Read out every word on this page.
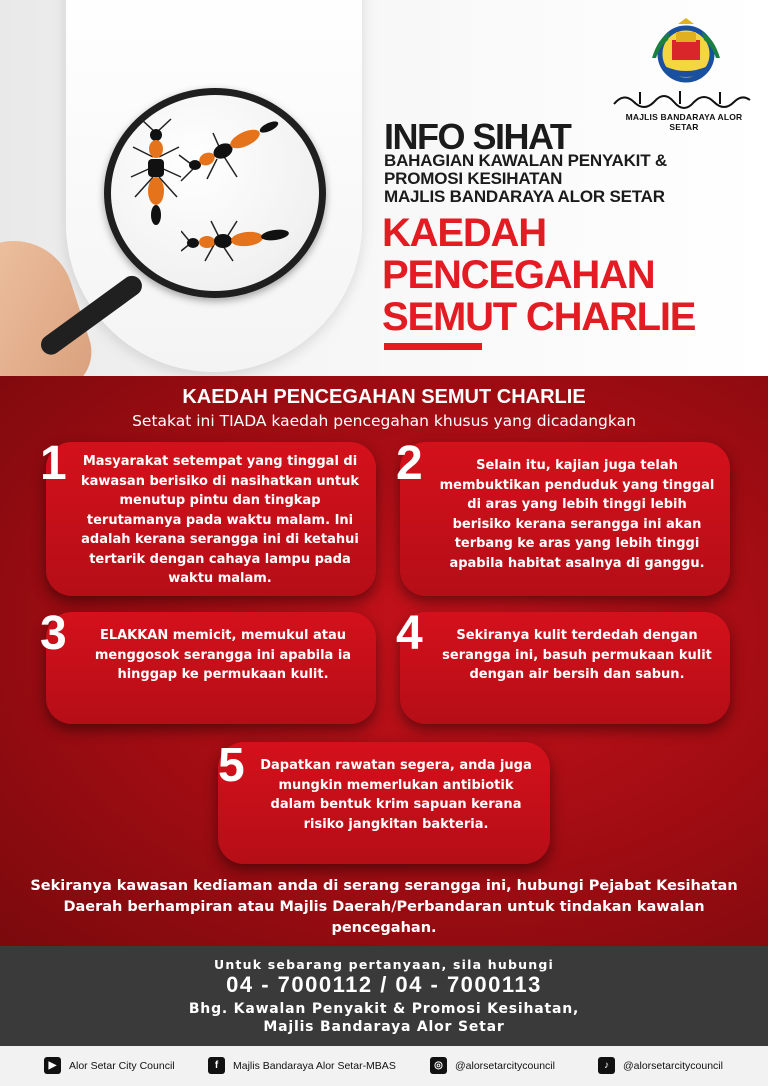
MAJLIS BANDARAYA ALOR SETAR
INFO SIHAT
BAHAGIAN KAWALAN PENYAKIT &
PROMOSI KESIHATAN
MAJLIS BANDARAYA ALOR SETAR
KAEDAH
PENCEGAHAN
SEMUT CHARLIE
KAEDAH PENCEGAHAN SEMUT CHARLIE
Setakat ini TIADA kaedah pencegahan khusus yang dicadangkan
1	Masyarakat setempat yang tinggal di kawasan berisiko di nasihatkan untuk menutup pintu dan tingkap terutamanya pada waktu malam. Ini adalah kerana serangga ini di ketahui tertarik dengan cahaya lampu pada waktu malam.
2	Selain itu, kajian juga telah membuktikan penduduk yang tinggal di aras yang lebih tinggi lebih berisiko kerana serangga ini akan terbang ke aras yang lebih tinggi apabila habitat asalnya di ganggu.
3	ELAKKAN memicit, memukul atau menggosok serangga ini apabila ia hinggap ke permukaan kulit.
4	Sekiranya kulit terdedah dengan serangga ini, basuh permukaan kulit dengan air bersih dan sabun.
5	Dapatkan rawatan segera, anda juga mungkin memerlukan antibiotik dalam bentuk krim sapuan kerana risiko jangkitan bakteria.
Sekiranya kawasan kediaman anda di serang serangga ini, hubungi Pejabat Kesihatan Daerah berhampiran atau Majlis Daerah/Perbandaran untuk tindakan kawalan pencegahan.
Untuk sebarang pertanyaan, sila hubungi
04 - 7000112 / 04 - 7000113
Bhg. Kawalan Penyakit & Promosi Kesihatan,
Majlis Bandaraya Alor Setar
▶	Alor Setar City Council	f	Majlis Bandaraya Alor Setar-MBAS	◎	@alorsetarcitycouncil	♪	@alorsetarcitycouncil
